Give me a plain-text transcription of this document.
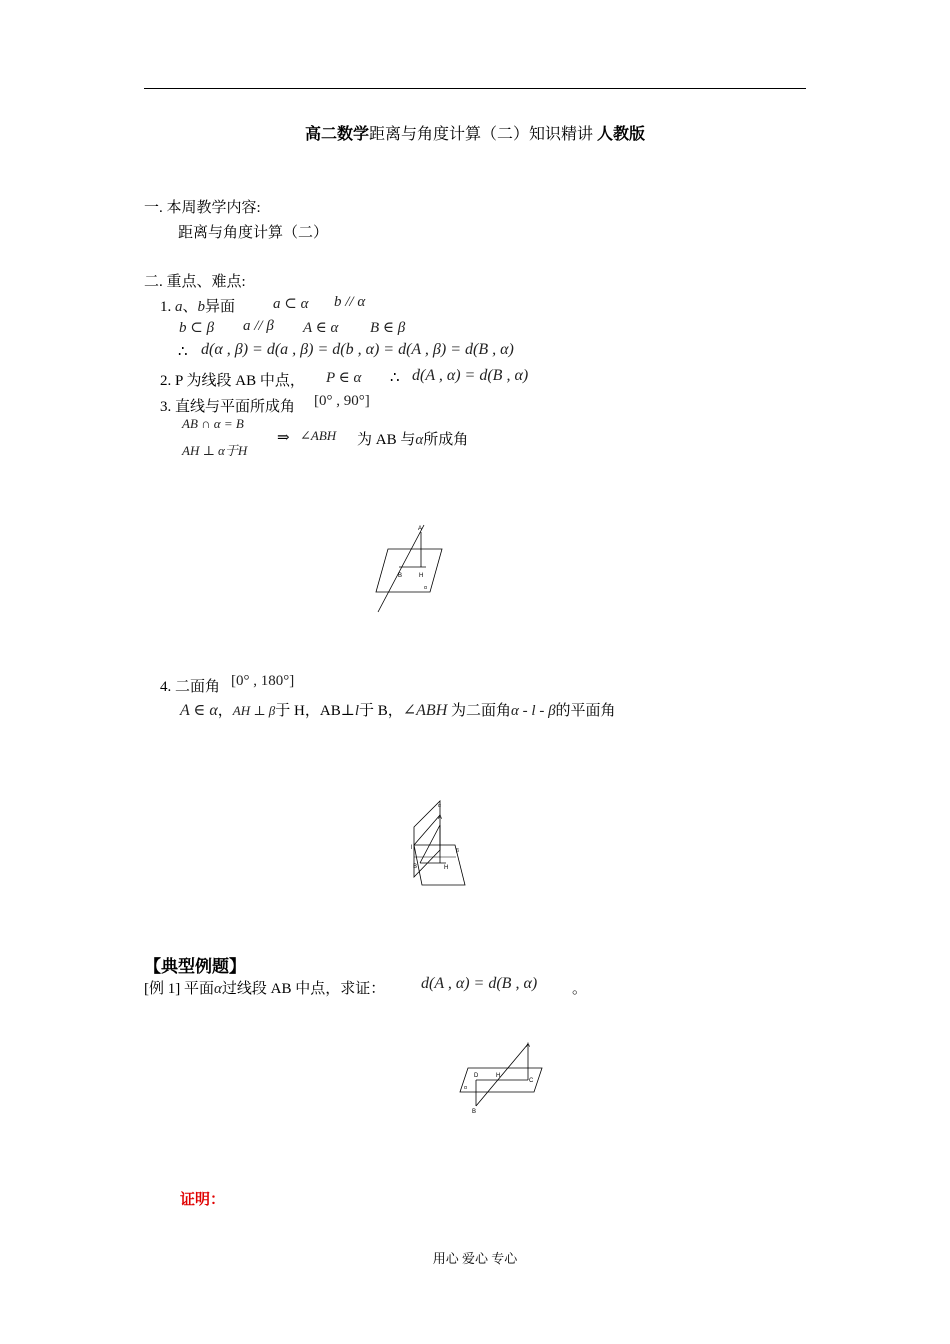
高二数学距离与角度计算（二）知识精讲 人教版
一. 本周教学内容:
距离与角度计算（二）
二. 重点、难点:
1. a、b异面	a ⊂ α b // α
b ⊂ β a // β A ∈ α B ∈ β
∴ d(α , β) = d(a , β) = d(b , α) = d(A , β) = d(B , α)
2. P 为线段 AB 中点， P ∈ α ∴ d(A , α) = d(B , α)
3. 直线与平面所成角 [0° , 90°]
AB ∩ α = B
AH ⊥ α于H
⇒ ∠ABH 为 AB 与α所成角
A
B	H
α
4. 二面角 [0° , 180°]
A ∈ α，AH ⊥ β于 H，AB⊥l于 B，∠ABH 为二面角α - l - β的平面角
α
A
l	β
B	H
【典型例题】
[例 1] 平面α过线段 AB 中点，求证： d(A , α) = d(B , α) 。
A
D	H
C
α
B
证明：
用心 爱心 专心
